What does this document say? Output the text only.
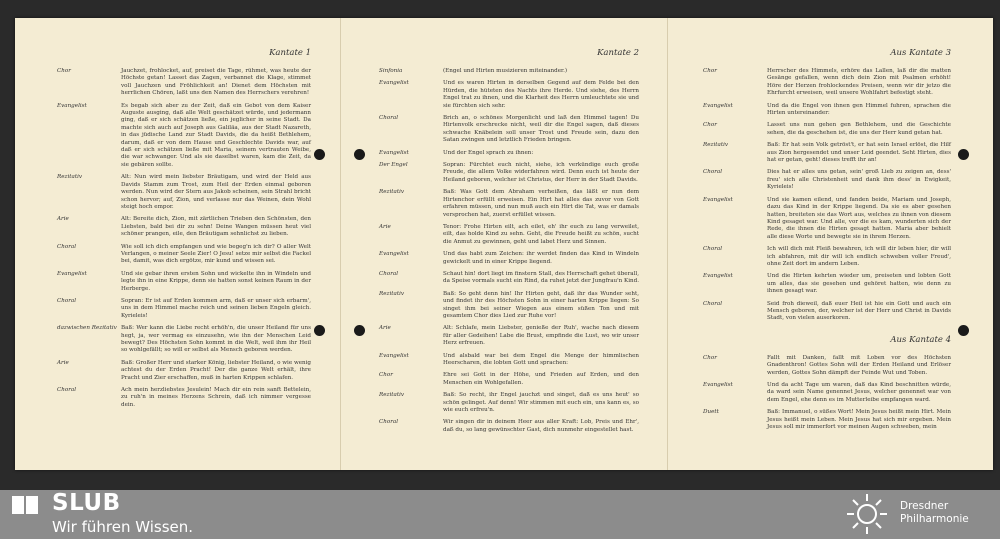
Kantate 1
Chor	Jauchzet, frohlocket, auf, preiset die Tage, rühmet, was heute der Höchste getan! Lasset das Zagen, verbannet die Klage, stimmet voll Jauchzen und Fröhlichkeit an! Dienet dem Höchsten mit herrlichen Chören, laßt uns den Namen des Herrschers verehren!
Evangelist	Es begab sich aber zu der Zeit, daß ein Gebot von dem Kaiser Auguste ausging, daß alle Welt geschätzet würde, und jedermann ging, daß er sich schätzen ließe, ein jeglicher in seine Stadt. Da machte sich auch auf Joseph aus Galiläa, aus der Stadt Nazareth, in das jüdische Land zur Stadt Davids, die da heißt Bethlehem, darum, daß er von dem Hause und Geschlechte Davids war, auf daß er sich schätzen ließe mit Maria, seinem vertrauten Weibe, die war schwanger. Und als sie daselbst waren, kam die Zeit, da sie gebären sollte.
Rezitativ	Alt: Nun wird mein liebster Bräutigam, und wird der Held aus Davids Stamm zum Trost, zum Heil der Erden einmal geboren werden. Nun wird der Stern aus Jakob scheinen, sein Strahl bricht schon hervor; auf, Zion, und verlasse nur das Weinen, dein Wohl steigt hoch empor.
Arie	Alt: Bereite dich, Zion, mit zärtlichen Trieben den Schönsten, den Liebsten, bald bei dir zu sehn! Deine Wangen müssen heut viel schöner prangen, eile, den Bräutigam sehnlichst zu lieben.
Choral	Wie soll ich dich empfangen und wie begeg'n ich dir? O aller Welt Verlangen, o meiner Seele Zier! O Jesu! setze mir selbst die Fackel bei, damit, was dich ergötze, mir kund und wissen sei.
Evangelist	Und sie gebar ihren ersten Sohn und wickelte ihn in Windeln und legte ihn in eine Krippe, denn sie hatten sonst keinen Raum in der Herberge.
Choral	Sopran: Er ist auf Erden kommen arm, daß er unser sich erbarm', uns in dem Himmel mache reich und seinen lieben Engeln gleich. Kyrieleis!
dazwischen Rezitativ Baß: Wer kann die Liebe recht erhöh'n, die unser Heiland für uns hegt, ja, wer vermag es einzusehn, wie ihn der Menschen Leid bewegt? Des Höchsten Sohn kommt in die Welt, weil ihm ihr Heil so wohlgefällt; so will er selbst als Mensch geboren werden.
Arie	Baß: Großer Herr und starker König, liebster Heiland, o wie wenig achtest du der Erden Pracht! Der die ganze Welt erhält, ihre Pracht und Zier erschaffen, muß in harten Krippen schlafen.
Choral	Ach mein herzliebstes Jesulein! Mach dir ein rein sanft Bettelein, zu ruh'n in meines Herzens Schrein, daß ich nimmer vergesse dein.
Kantate 2
Sinfonia	(Engel und Hirten musizieren miteinander.)
Evangelist	Und es waren Hirten in derselben Gegend auf dem Felde bei den Hürden, die hüteten des Nachts ihre Herde. Und siehe, des Herrn Engel trat zu ihnen, und die Klarheit des Herrn umleuchtete sie und sie fürchten sich sehr.
Choral	Brich an, o schönes Morgenlicht und laß den Himmel tagen! Du Hirtenvolk erschrecke nicht, weil dir die Engel sagen, daß dieses schwache Knäbelein soll unser Trost und Freude sein, dazu den Satan zwingen und letztlich Frieden bringen.
Evangelist	Und der Engel sprach zu ihnen:
Der Engel	Sopran: Fürchtet euch nicht, siehe, ich verkündige euch große Freude, die allem Volke widerfahren wird. Denn euch ist heute der Heiland geboren, welcher ist Christus, der Herr in der Stadt Davids.
Rezitativ	Baß: Was Gott dem Abraham verheißen, das läßt er nun dem Hirtenchor erfüllt erweisen. Ein Hirt hat alles das zuvor von Gott erfahren müssen, und nun muß auch ein Hirt die Tat, was er damals versprochen hat, zuerst erfüllet wissen.
Arie	Tenor: Frohe Hirten eilt, ach eilet, eh' ihr euch zu lang verweilet, eilt, das holde Kind zu sehn. Geht, die Freude heißt zu schön, sucht die Anmut zu gewinnen, geht und labet Herz und Sinnen.
Evangelist	Und das habt zum Zeichen: ihr werdet finden das Kind in Windeln gewickelt und in einer Krippe liegend.
Choral	Schaut hin! dort liegt im finstern Stall, des Herrschaft gehet überall, da Speise vormals sucht ein Rind, da ruhet jetzt der Jungfrau'n Kind.
Rezitativ	Baß: So geht denn hin! Ihr Hirten geht, daß ihr das Wunder seht, und findet ihr des Höchsten Sohn in einer harten Krippe liegen: So singet ihm bei seiner Wiegen aus einem süßen Ton und mit gesamtem Chor dies Lied zur Ruhe vor!
Arie	Alt: Schlafe, mein Liebster, genieße der Ruh', wache nach diesem für aller Gedeihen! Labe die Brust, empfinde die Lust, wo wir unser Herz erfreuen.
Evangelist	Und alsbald war bei dem Engel die Menge der himmlischen Heerscharen, die lobten Gott und sprachen:
Chor	Ehre sei Gott in der Höhe, und Frieden auf Erden, und den Menschen ein Wohlgefallen.
Rezitativ	Baß: So recht, ihr Engel jauchzt und singet, daß es uns heut' so schön gelinget. Auf denn! Wir stimmen mit euch ein, uns kann es, so wie euch erfreu'n.
Choral	Wir singen dir in deinem Heer aus aller Kraft: Lob, Preis und Ehr', daß du, so lang gewünschter Gast, dich nunmehr eingestellet hast.
Aus Kantate 3
Chor	Herrscher des Himmels, erhöre das Lallen, laß dir die matten Gesänge gefallen, wenn dich dein Zion mit Psalmen erhöht! Höre der Herzen frohlockendes Preisen, wenn wir dir jetzo die Ehrfurcht erweisen, weil unsere Wohlfahrt befestigt steht.
Evangelist	Und da die Engel von ihnen gen Himmel fuhren, sprachen die Hirten untereinander:
Chor	Lasset uns nun gehen gen Bethlehem, und die Geschichte sehen, die da geschehen ist, die uns der Herr kund getan hat.
Rezitativ	Baß: Er hat sein Volk getröst't, er hat sein Israel erlöst, die Hilf aus Zion hergesendet und unser Leid geendet. Seht Hirten, dies hat er getan, geht! dieses trefft ihr an!
Choral	Dies hat er alles uns getan, sein' groß Lieb zu zeigen an, dess' freu' sich alle Christenheit und dank ihm dess' in Ewigkeit, Kyrieleis!
Evangelist	Und sie kamen eilend, und fanden beide, Mariam und Joseph, dazu das Kind in der Krippe liegend. Da sie es aber gesehen hatten, breiteten sie das Wort aus, welches zu ihnen von diesem Kind gesaget war. Und alle, vor die es kam, wunderten sich der Rede, die ihnen die Hirten gesagt hatten. Maria aber behielt alle diese Worte und bewegte sie in ihrem Herzen.
Choral	Ich will dich mit Fleiß bewahren, ich will dir leben hier, dir will ich abfahren, mit dir will ich endlich schweben voller Freud', ohne Zeit dort im andern Leben.
Evangelist	Und die Hirten kehrten wieder um, preiseten und lobten Gott um alles, das sie gesehen und gehöret hatten, wie denn zu ihnen gesagt war.
Choral	Seid froh dieweil, daß euer Heil ist hie ein Gott und auch ein Mensch geboren, der, welcher ist der Herr und Christ in Davids Stadt, von vielen auserkoren.
Aus Kantate 4
Chor	Fallt mit Danken, fallt mit Loben vor des Höchsten Gnadenthron! Gottes Sohn will der Erden Heiland und Erlöser werden, Gottes Sohn dämpft der Feinde Wut und Toben.
Evangelist	Und da acht Tage um waren, daß das Kind beschnitten würde, da ward sein Name genennet Jesus, welcher genennet war von dem Engel, ehe denn es im Mutterleibe empfangen ward.
Duett	Baß: Immanuel, o süßes Wort! Mein Jesus heißt mein Hirt. Mein Jesus heißt mein Leben. Mein Jesus hat sich mir ergeben. Mein Jesus soll mir immerfort vor meinen Augen schweben, mein
SLUB
Wir führen Wissen.
Dresdner
Philharmonie
